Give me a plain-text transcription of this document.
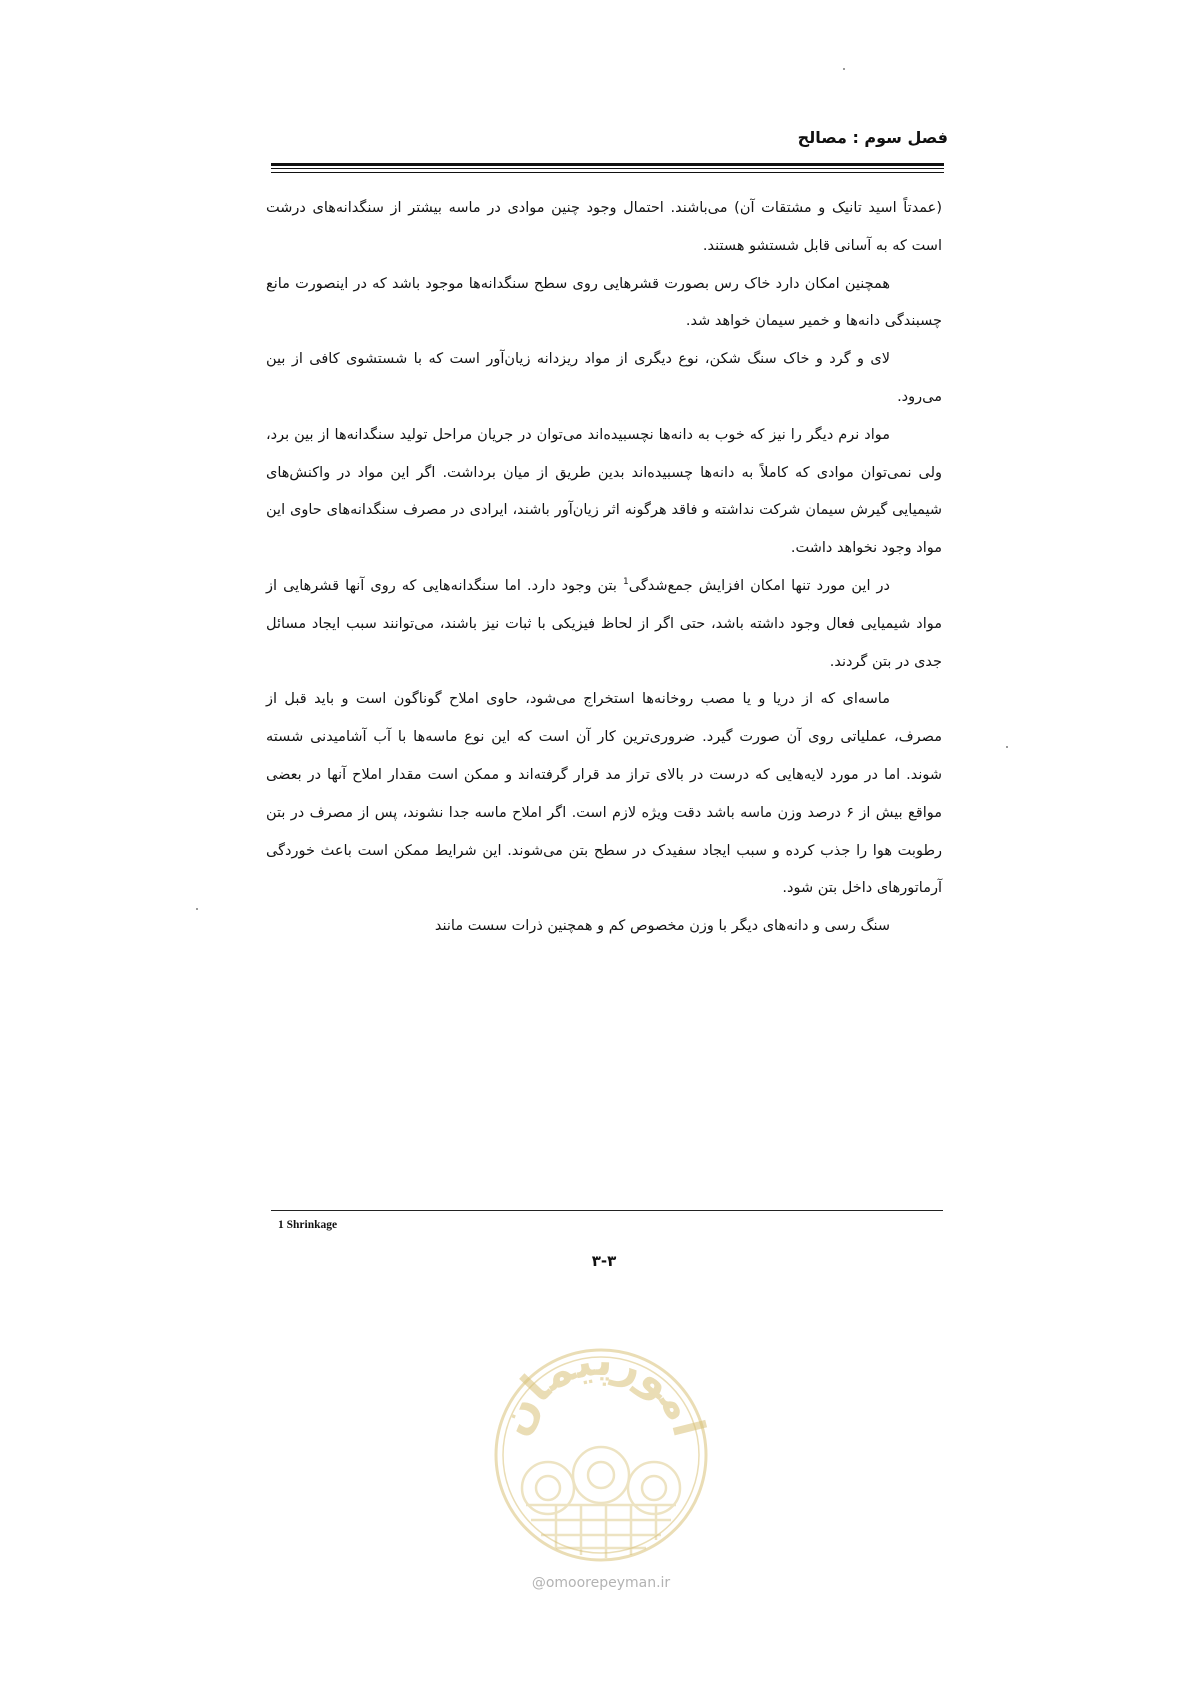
فصل سوم : مصالح

(عمدتاً اسید تانیک و مشتقات آن) می‌باشند. احتمال وجود چنین موادی در ماسه بیشتر از سنگدانه‌های درشت است که به آسانی قابل شستشو هستند.

همچنین امکان دارد خاک رس بصورت قشرهایی روی سطح سنگدانه‌ها موجود باشد که در اینصورت مانع چسبندگی دانه‌ها و خمیر سیمان خواهد شد.

لای و گرد و خاک سنگ شکن، نوع دیگری از مواد ریزدانه زیان‌آور است که با شستشوی کافی از بین می‌رود.

مواد نرم دیگر را نیز که خوب به دانه‌ها نچسبیده‌اند می‌توان در جریان مراحل تولید سنگدانه‌ها از بین برد، ولی نمی‌توان موادی که کاملاً به دانه‌ها چسبیده‌اند بدین طریق از میان برداشت. اگر این مواد در واکنش‌های شیمیایی گیرش سیمان شرکت نداشته و فاقد هرگونه اثر زیان‌آور باشند، ایرادی در مصرف سنگدانه‌های حاوی این مواد وجود نخواهد داشت.

در این مورد تنها امکان افزایش جمع‌شدگی$^1$ بتن وجود دارد. اما سنگدانه‌هایی که روی آنها قشرهایی از مواد شیمیایی فعال وجود داشته باشد، حتی اگر از لحاظ فیزیکی با ثبات نیز باشند، می‌توانند سبب ایجاد مسائل جدی در بتن گردند.

ماسه‌ای که از دریا و یا مصب روخانه‌ها استخراج می‌شود، حاوی املاح گوناگون است و باید قبل از مصرف، عملیاتی روی آن صورت گیرد. ضروری‌ترین کار آن است که این نوع ماسه‌ها با آب آشامیدنی شسته شوند. اما در مورد لایه‌هایی که درست در بالای تراز مد قرار گرفته‌اند و ممکن است مقدار املاح آنها در بعضی مواقع بیش از ۶ درصد وزن ماسه باشد دقت ویژه لازم است. اگر املاح ماسه جدا نشوند، پس از مصرف در بتن رطوبت هوا را جذب کرده و سبب ایجاد سفیدک در سطح بتن می‌شوند. این شرایط ممکن است باعث خوردگی آرماتورهای داخل بتن شود.

سنگ رسی و دانه‌های دیگر با وزن مخصوص کم و همچنین ذرات سست مانند

1 Shrinkage
۳-۳
امورپیمان
@omoorepeyman.ir
